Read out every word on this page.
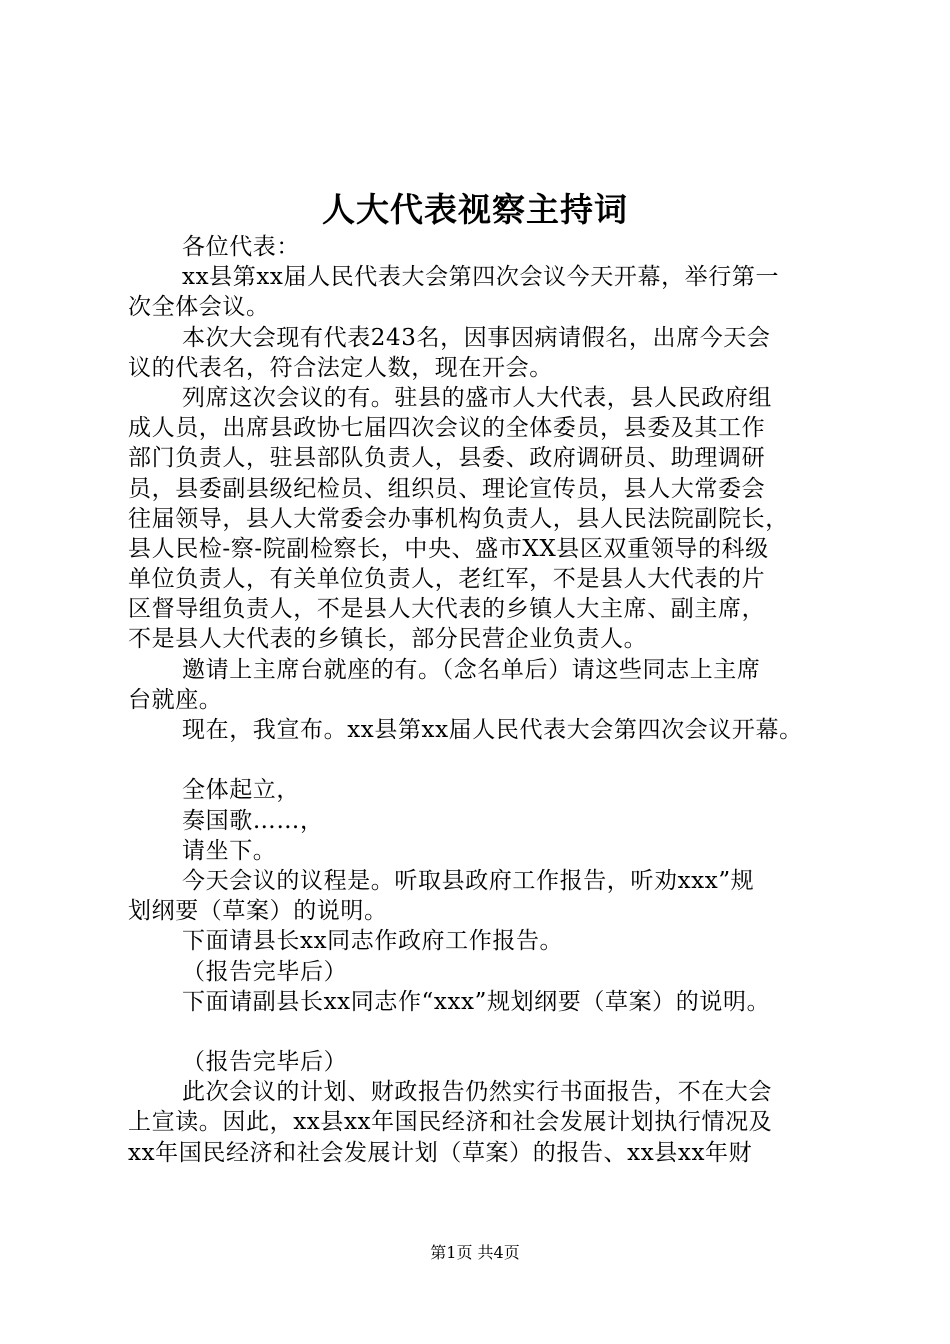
人大代表视察主持词
各位代表：
xx县第xx届人民代表大会第四次会议今天开幕，举行第一
次全体会议。
本次大会现有代表243名，因事因病请假名，出席今天会
议的代表名，符合法定人数，现在开会。
列席这次会议的有。驻县的盛市人大代表，县人民政府组
成人员，出席县政协七届四次会议的全体委员，县委及其工作
部门负责人，驻县部队负责人，县委、政府调研员、助理调研
员，县委副县级纪检员、组织员、理论宣传员，县人大常委会
往届领导，县人大常委会办事机构负责人，县人民法院副院长，
县人民检-察-院副检察长，中央、盛市XX县区双重领导的科级
单位负责人，有关单位负责人，老红军，不是县人大代表的片
区督导组负责人，不是县人大代表的乡镇人大主席、副主席，
不是县人大代表的乡镇长，部分民营企业负责人。
邀请上主席台就座的有。（念名单后）请这些同志上主席
台就座。
现在，我宣布。xx县第xx届人民代表大会第四次会议开幕。
全体起立，
奏国歌……，
请坐下。
今天会议的议程是。听取县政府工作报告，听劝xxx”规
划纲要（草案）的说明。
下面请县长xx同志作政府工作报告。
（报告完毕后）
下面请副县长xx同志作“xxx”规划纲要（草案）的说明。
（报告完毕后）
此次会议的计划、财政报告仍然实行书面报告，不在大会
上宣读。因此，xx县xx年国民经济和社会发展计划执行情况及
xx年国民经济和社会发展计划（草案）的报告、xx县xx年财
第1页 共4页
